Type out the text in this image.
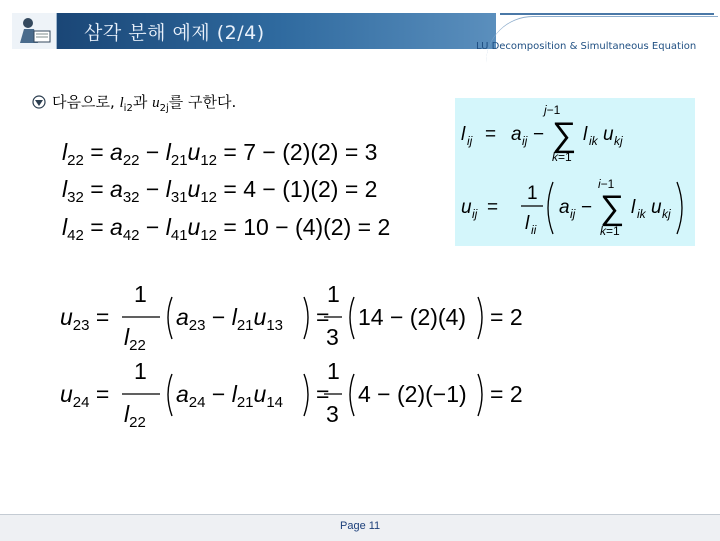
삼각 분해 예제 (2/4)
LU Decomposition & Simultaneous Equation
다음으로, $l_{i2}$과 $u_{2j}$를 구한다.
$l_{22} = a_{22} - l_{21}u_{12} = 7 - (2)(2) = 3$
$l_{32} = a_{32} - l_{31}u_{12} = 4 - (1)(2) = 2$
$l_{42} = a_{42} - l_{41}u_{12} = 10 - (4)(2) = 2$
l ij = a ij − ∑
j−1
k=1
l ik u kj
u ij =
1
l ii
a ij − ∑
i−1
k=1
l ik u kj
$u_{23}$ =
1
$l_{22}$
$a_{23} - l_{21}u_{13}$ =
1
3
14 − (2)(4) = 2
$u_{24}$ =
1
$l_{22}$
$a_{24} - l_{21}u_{14}$ =
1
3
4 − (2)(−1) = 2
Page 11
